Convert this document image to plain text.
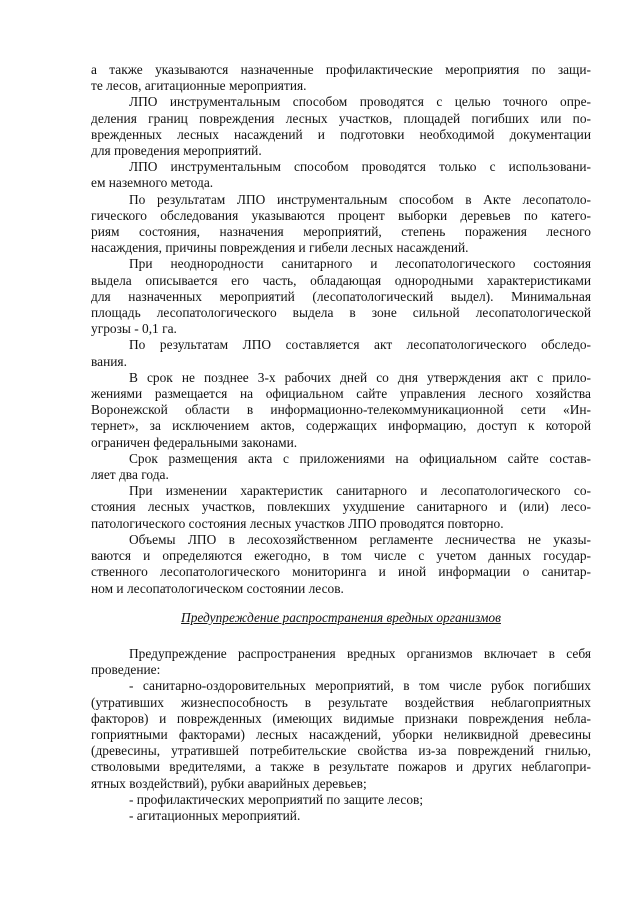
а также указываются назначенные профилактические мероприятия по защи-
те лесов, агитационные мероприятия.

ЛПО инструментальным способом проводятся с целью точного опре-
деления границ повреждения лесных участков, площадей погибших или по-
врежденных лесных насаждений и подготовки необходимой документации
для проведения мероприятий.

ЛПО инструментальным способом проводятся только с использовани-
ем наземного метода.

По результатам ЛПО инструментальным способом в Акте лесопатоло-
гического обследования указываются процент выборки деревьев по катего-
риям состояния, назначения мероприятий, степень поражения лесного
насаждения, причины повреждения и гибели лесных насаждений.

При неоднородности санитарного и лесопатологического состояния
выдела описывается его часть, обладающая однородными характеристиками
для назначенных мероприятий (лесопатологический выдел). Минимальная
площадь лесопатологического выдела в зоне сильной лесопатологической
угрозы - 0,1 га.

По результатам ЛПО составляется акт лесопатологического обследо-
вания.

В срок не позднее 3-х рабочих дней со дня утверждения акт с прило-
жениями размещается на официальном сайте управления лесного хозяйства
Воронежской области в информационно-телекоммуникационной сети «Ин-
тернет», за исключением актов, содержащих информацию, доступ к которой
ограничен федеральными законами.

Срок размещения акта с приложениями на официальном сайте состав-
ляет два года.

При изменении характеристик санитарного и лесопатологического со-
стояния лесных участков, повлекших ухудшение санитарного и (или) лесо-
патологического состояния лесных участков ЛПО проводятся повторно.

Объемы ЛПО в лесохозяйственном регламенте лесничества не указы-
ваются и определяются ежегодно, в том числе с учетом данных государ-
ственного лесопатологического мониторинга и иной информации о санитар-
ном и лесопатологическом состоянии лесов.

Предупреждение распространения вредных организмов

Предупреждение распространения вредных организмов включает в себя
проведение:

- санитарно-оздоровительных мероприятий, в том числе рубок погибших
(утративших жизнеспособность в результате воздействия неблагоприятных
факторов) и поврежденных (имеющих видимые признаки повреждения небла-
гоприятными факторами) лесных насаждений, уборки неликвидной древесины
(древесины, утратившей потребительские свойства из-за повреждений гнилью,
стволовыми вредителями, а также в результате пожаров и других неблагопри-
ятных воздействий), рубки аварийных деревьев;

- профилактических мероприятий по защите лесов;

- агитационных мероприятий.
